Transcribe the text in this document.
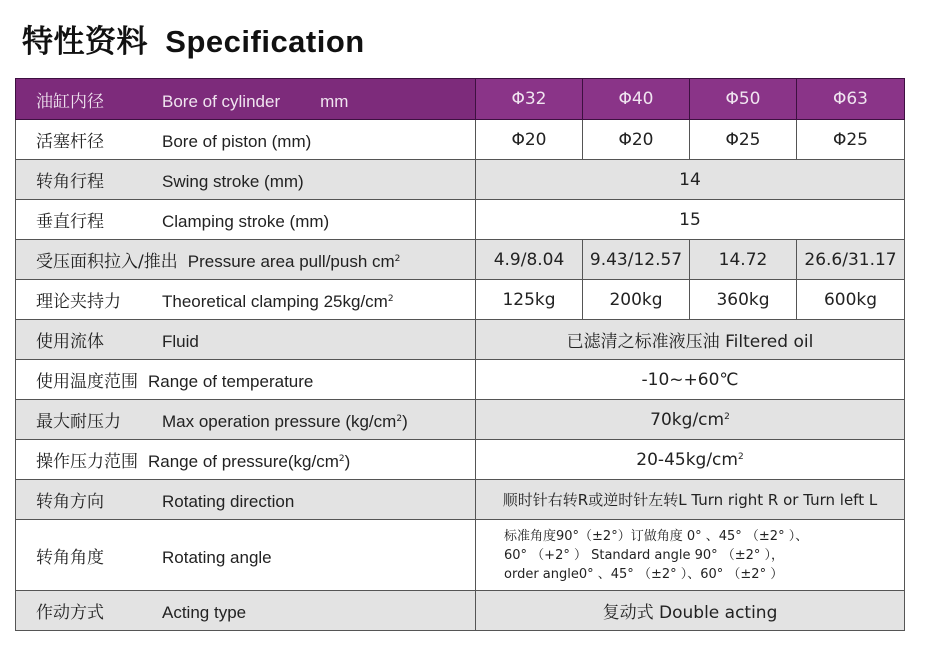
特性资料 Specification
油缸内径 Bore of cylinder mm	Φ32	Φ40	Φ50	Φ63
活塞杆径 Bore of piston (mm)	Φ20	Φ20	Φ25	Φ25
转角行程 Swing stroke (mm)	14			
垂直行程 Clamping stroke (mm)	15			
受压面积拉入/推出 Pressure area pull/push $cm^2$	4.9/8.04	9.43/12.57	14.72	26.6/31.17
理论夹持力 Theoretical clamping $25kg/cm^2$	125kg	200kg	360kg	600kg
使用流体 Fluid	已滤清之标准液压油 Filtered oil			
使用温度范围 Range of temperature	-10~+60℃			
最大耐压力 Max operation pressure $(kg/cm^2)$	$70kg/cm^2$
操作压力范围 Range of $pressure(kg/cm^2)$	$20-45kg/cm^2$
转角方向 Rotating direction	顺时针右转R或逆时针左转L Turn right R or Turn left L			
转角角度 Rotating angle	标准角度90°（±2°）订做角度 0° 、45° （±2° ）、
60° （+2° ） Standard angle 90° （±2° ），
order angle0° 、45° （±2° ）、60° （±2° ）			

作动方式 Acting type	复动式 Double acting			
